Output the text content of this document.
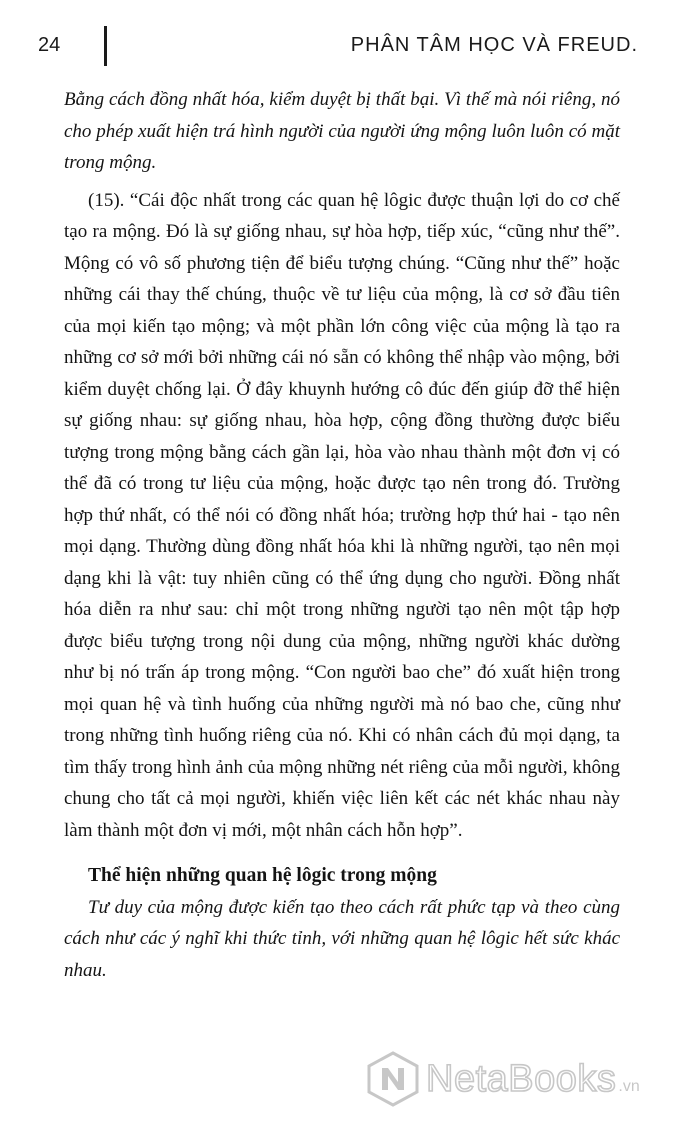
24	PHÂN TÂM HỌC VÀ FREUD.

Bằng cách đồng nhất hóa, kiểm duyệt bị thất bại. Vì thế mà nói riêng, nó cho phép xuất hiện trá hình người của người ứng mộng luôn luôn có mặt trong mộng.

(15). “Cái độc nhất trong các quan hệ lôgic được thuận lợi do cơ chế tạo ra mộng. Đó là sự giống nhau, sự hòa hợp, tiếp xúc, “cũng như thế”. Mộng có vô số phương tiện để biểu tượng chúng. “Cũng như thế” hoặc những cái thay thế chúng, thuộc về tư liệu của mộng, là cơ sở đầu tiên của mọi kiến tạo mộng; và một phần lớn công việc của mộng là tạo ra những cơ sở mới bởi những cái nó sẵn có không thể nhập vào mộng, bởi kiểm duyệt chống lại. Ở đây khuynh hướng cô đúc đến giúp đỡ thể hiện sự giống nhau: sự giống nhau, hòa hợp, cộng đồng thường được biểu tượng trong mộng bằng cách gần lại, hòa vào nhau thành một đơn vị có thể đã có trong tư liệu của mộng, hoặc được tạo nên trong đó. Trường hợp thứ nhất, có thể nói có đồng nhất hóa; trường hợp thứ hai - tạo nên mọi dạng. Thường dùng đồng nhất hóa khi là những người, tạo nên mọi dạng khi là vật: tuy nhiên cũng có thể ứng dụng cho người. Đồng nhất hóa diễn ra như sau: chỉ một trong những người tạo nên một tập hợp được biểu tượng trong nội dung của mộng, những người khác dường như bị nó trấn áp trong mộng. “Con người bao che” đó xuất hiện trong mọi quan hệ và tình huống của những người mà nó bao che, cũng như trong những tình huống riêng của nó. Khi có nhân cách đủ mọi dạng, ta tìm thấy trong hình ảnh của mộng những nét riêng của mỗi người, không chung cho tất cả mọi người, khiến việc liên kết các nét khác nhau này làm thành một đơn vị mới, một nhân cách hỗn hợp”.

Thể hiện những quan hệ lôgic trong mộng

Tư duy của mộng được kiến tạo theo cách rất phức tạp và theo cùng cách như các ý nghĩ khi thức tỉnh, với những quan hệ lôgic hết sức khác nhau.

NetaBooks .vn
